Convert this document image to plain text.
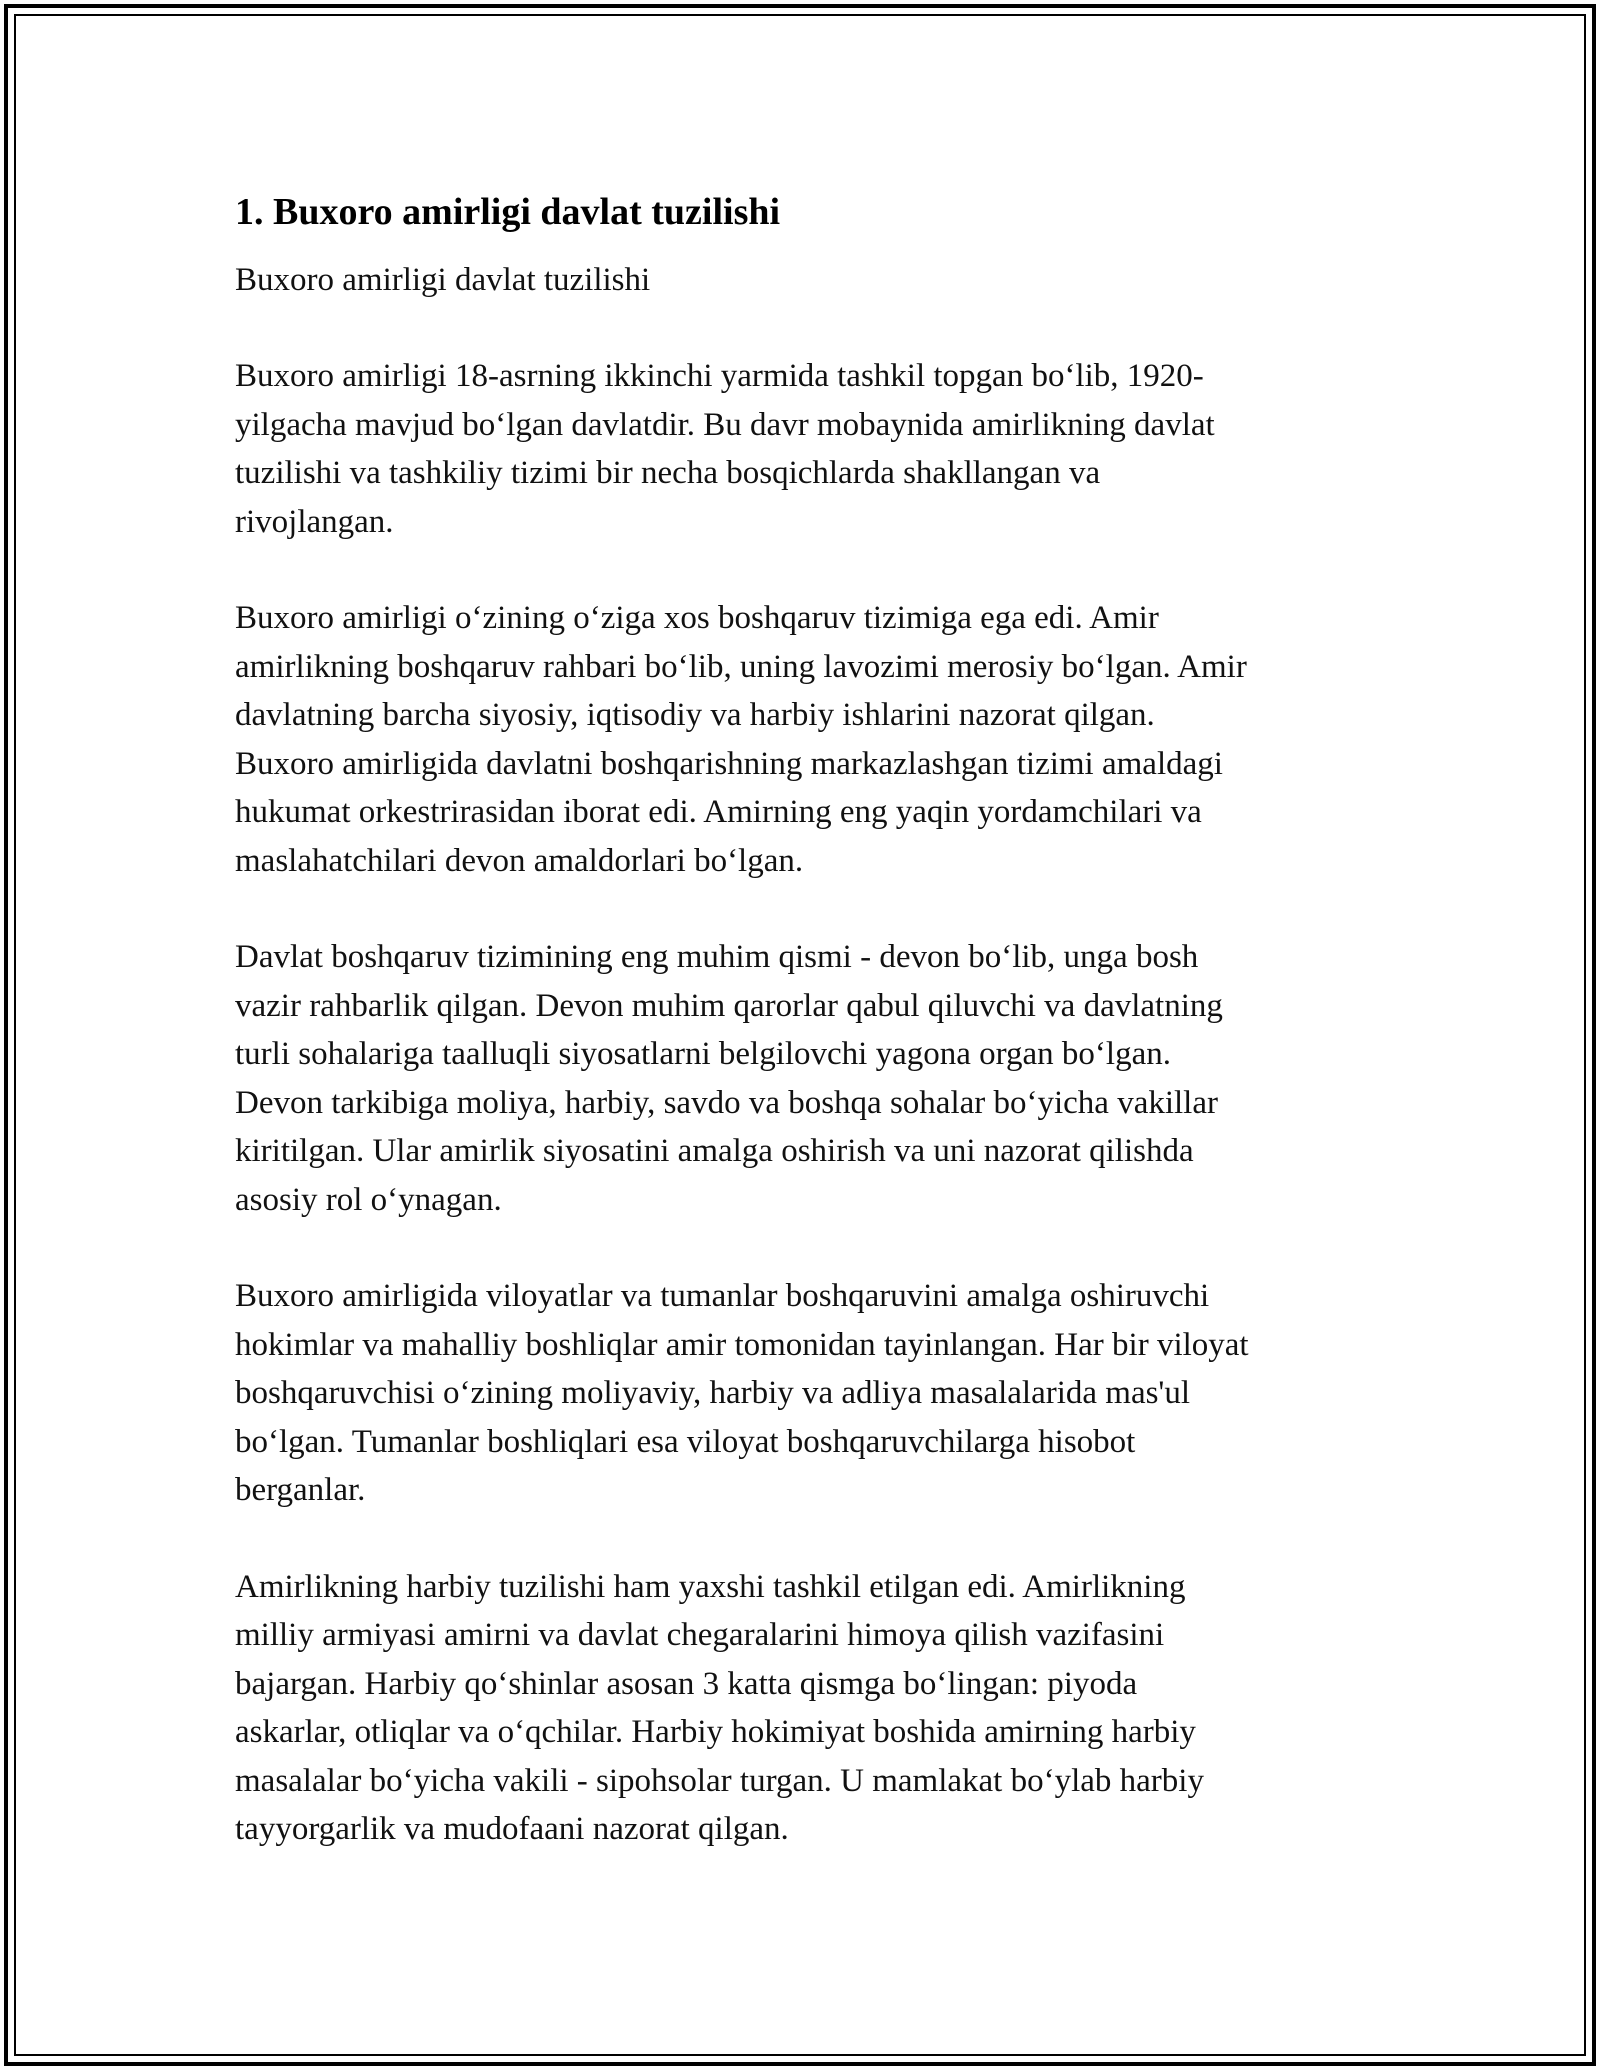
1. Buxoro amirligi davlat tuzilishi

Buxoro amirligi davlat tuzilishi

Buxoro amirligi 18-asrning ikkinchi yarmida tashkil topgan bo‘lib, 1920-
yilgacha mavjud bo‘lgan davlatdir. Bu davr mobaynida amirlikning davlat
tuzilishi va tashkiliy tizimi bir necha bosqichlarda shakllangan va
rivojlangan.

Buxoro amirligi o‘zining o‘ziga xos boshqaruv tizimiga ega edi. Amir
amirlikning boshqaruv rahbari bo‘lib, uning lavozimi merosiy bo‘lgan. Amir
davlatning barcha siyosiy, iqtisodiy va harbiy ishlarini nazorat qilgan.
Buxoro amirligida davlatni boshqarishning markazlashgan tizimi amaldagi
hukumat orkestrirasidan iborat edi. Amirning eng yaqin yordamchilari va
maslahatchilari devon amaldorlari bo‘lgan.

Davlat boshqaruv tizimining eng muhim qismi - devon bo‘lib, unga bosh
vazir rahbarlik qilgan. Devon muhim qarorlar qabul qiluvchi va davlatning
turli sohalariga taalluqli siyosatlarni belgilovchi yagona organ bo‘lgan.
Devon tarkibiga moliya, harbiy, savdo va boshqa sohalar bo‘yicha vakillar
kiritilgan. Ular amirlik siyosatini amalga oshirish va uni nazorat qilishda
asosiy rol o‘ynagan.

Buxoro amirligida viloyatlar va tumanlar boshqaruvini amalga oshiruvchi
hokimlar va mahalliy boshliqlar amir tomonidan tayinlangan. Har bir viloyat
boshqaruvchisi o‘zining moliyaviy, harbiy va adliya masalalarida mas'ul
bo‘lgan. Tumanlar boshliqlari esa viloyat boshqaruvchilarga hisobot
berganlar.

Amirlikning harbiy tuzilishi ham yaxshi tashkil etilgan edi. Amirlikning
milliy armiyasi amirni va davlat chegaralarini himoya qilish vazifasini
bajargan. Harbiy qo‘shinlar asosan 3 katta qismga bo‘lingan: piyoda
askarlar, otliqlar va o‘qchilar. Harbiy hokimiyat boshida amirning harbiy
masalalar bo‘yicha vakili - sipohsolar turgan. U mamlakat bo‘ylab harbiy
tayyorgarlik va mudofaani nazorat qilgan.
